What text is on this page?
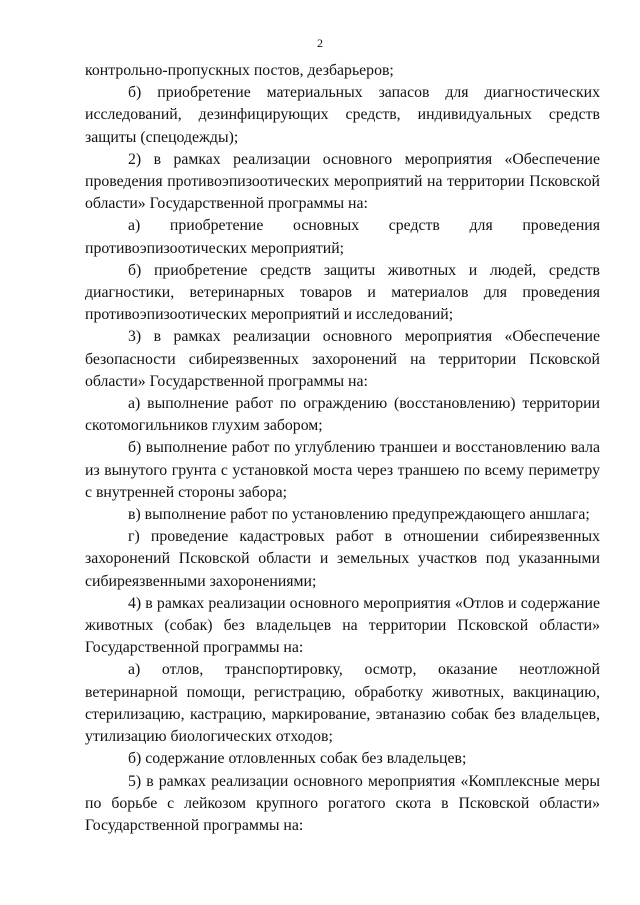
2

контрольно-пропускных постов, дезбарьеров;

б) приобретение материальных запасов для диагностических исследований, дезинфицирующих средств, индивидуальных средств защиты (спецодежды);

2) в рамках реализации основного мероприятия «Обеспечение проведения противоэпизоотических мероприятий на территории Псковской области» Государственной программы на:

а) приобретение основных средств для проведения противоэпизоотических мероприятий;

б) приобретение средств защиты животных и людей, средств диагностики, ветеринарных товаров и материалов для проведения противоэпизоотических мероприятий и исследований;

3) в рамках реализации основного мероприятия «Обеспечение безопасности сибиреязвенных захоронений на территории Псковской области» Государственной программы на:

а) выполнение работ по ограждению (восстановлению) территории скотомогильников глухим забором;

б) выполнение работ по углублению траншеи и восстановлению вала из вынутого грунта с установкой моста через траншею по всему периметру с внутренней стороны забора;

в) выполнение работ по установлению предупреждающего аншлага;

г) проведение кадастровых работ в отношении сибиреязвенных захоронений Псковской области и земельных участков под указанными сибиреязвенными захоронениями;

4) в рамках реализации основного мероприятия «Отлов и содержание животных (собак) без владельцев на территории Псковской области» Государственной программы на:

а) отлов, транспортировку, осмотр, оказание неотложной ветеринарной помощи, регистрацию, обработку животных, вакцинацию, стерилизацию, кастрацию, маркирование, эвтаназию собак без владельцев, утилизацию биологических отходов;

б) содержание отловленных собак без владельцев;

5) в рамках реализации основного мероприятия «Комплексные меры по борьбе с лейкозом крупного рогатого скота в Псковской области» Государственной программы на:
